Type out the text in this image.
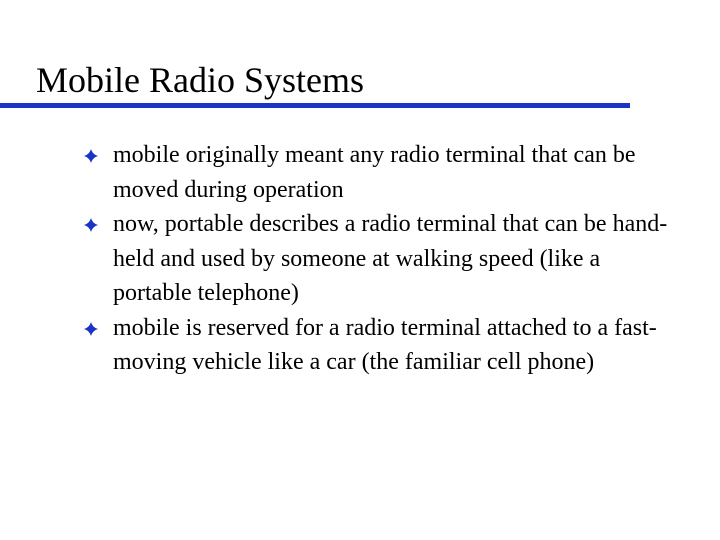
Mobile Radio Systems
mobile originally meant any radio terminal that can be moved during operation
now, portable describes a radio terminal that can be hand-held and used by someone at walking speed (like a portable telephone)
mobile is reserved for a radio terminal attached to a fast-moving vehicle like a car (the familiar cell phone)
